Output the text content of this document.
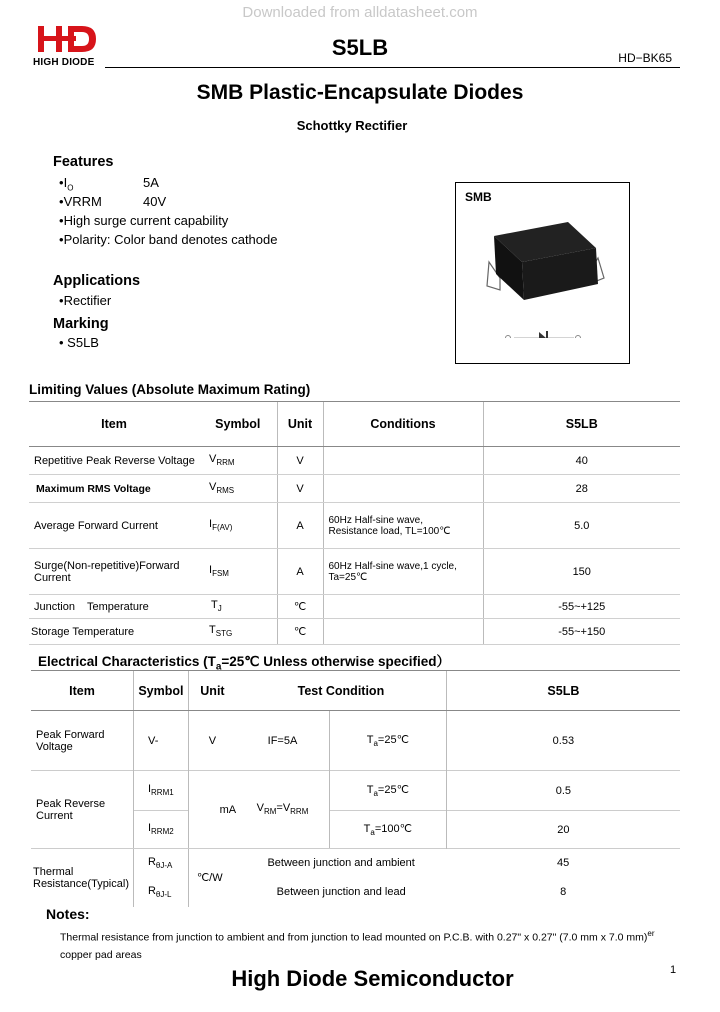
Downloaded from alldatasheet.com
HIGH DIODE
S5LB	HD−BK65
SMB Plastic-Encapsulate Diodes
Schottky Rectifier
Features
$•I_O$	5A
•VRRM	40V
•High surge current capability
•Polarity: Color band denotes cathode
Applications
•Rectifier
Marking
• S5LB
SMB
Limiting Values (Absolute Maximum Rating)
Item	Symbol	Unit	Conditions	S5LB
Repetitive Peak Reverse Voltage	$V_{RRM}$	V		40
Maximum RMS Voltage	$V_{RMS}$	V		28
Average Forward Current	$I_{F(AV)}$	A	60Hz Half-sine wave, Resistance load, TL=100℃	5.0
Surge(Non-repetitive)Forward Current	$I_{FSM}$	A	60Hz Half-sine wave,1 cycle, Ta=25℃	150
Junction    Temperature	$T_J$	℃		-55~+125
Storage Temperature	$T_{STG}$	℃		-55~+150
Electrical Characteristics ($T_a=25℃$ Unless otherwise specified）
Item	Symbol	Unit	Test Condition		S5LB
Peak Forward Voltage	V-	V	IF=5A	$T_a=25℃$	0.53
Peak Reverse Current	$I_{RRM1}$	mA	$V_{RM}=V_{RRM}$	$T_a=25℃$	0.5
	$I_{RRM2}$			$T_a=100℃$	20
Thermal Resistance(Typical)	$R_{\theta J-A}$	℃/W	Between junction and ambient		45
	$R_{\theta J-L}$		Between junction and lead		8
Notes:
Thermal resistance from junction to ambient and from junction to lead mounted on P.C.B. with 0.27" x 0.27" (7.0 mm x 7.0 mm)$^{er}$
copper pad areas
High Diode Semiconductor	1
